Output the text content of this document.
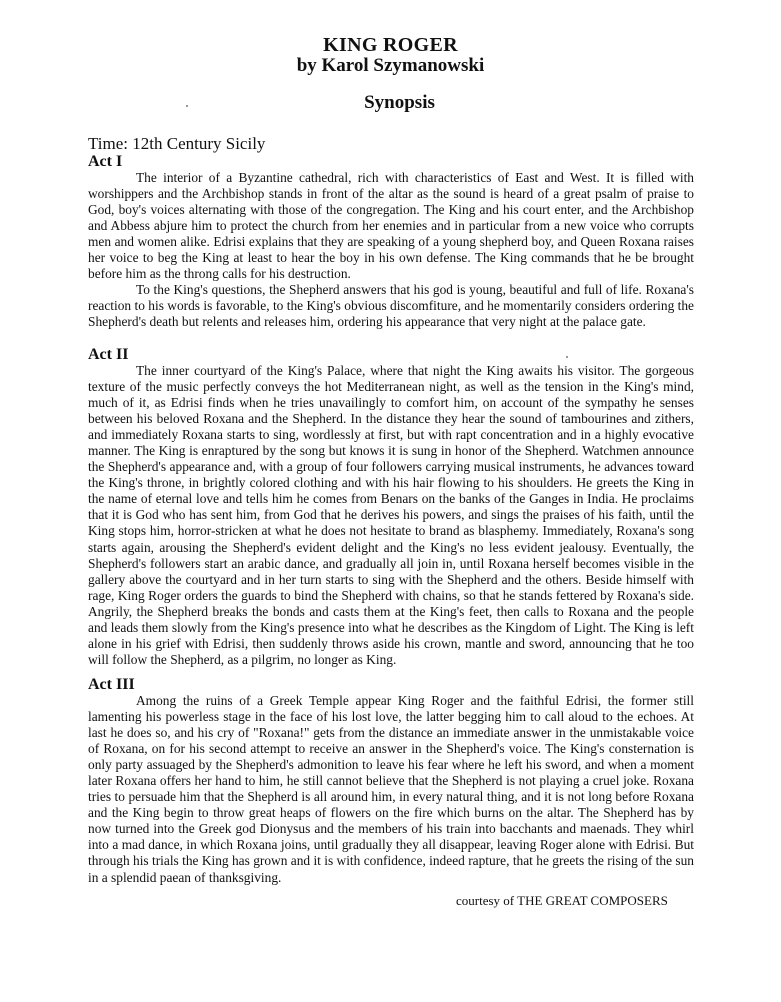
KING ROGER
by Karol Szymanowski
Synopsis
Time: 12th Century Sicily
Act I

The interior of a Byzantine cathedral, rich with characteristics of East and West. It is filled with worshippers and the Archbishop stands in front of the altar as the sound is heard of a great psalm of praise to God, boy's voices alternating with those of the congregation. The King and his court enter, and the Archbishop and Abbess abjure him to protect the church from her enemies and in particular from a new voice who corrupts men and women alike. Edrisi explains that they are speaking of a young shepherd boy, and Queen Roxana raises her voice to beg the King at least to hear the boy in his own defense. The King commands that he be brought before him as the throng calls for his destruction.

To the King's questions, the Shepherd answers that his god is young, beautiful and full of life. Roxana's reaction to his words is favorable, to the King's obvious discomfiture, and he momentarily considers ordering the Shepherd's death but relents and releases him, ordering his appearance that very night at the palace gate.

Act II

The inner courtyard of the King's Palace, where that night the King awaits his visitor. The gorgeous texture of the music perfectly conveys the hot Mediterranean night, as well as the tension in the King's mind, much of it, as Edrisi finds when he tries unavailingly to comfort him, on account of the sympathy he senses between his beloved Roxana and the Shepherd. In the distance they hear the sound of tambourines and zithers, and immediately Roxana starts to sing, wordlessly at first, but with rapt concentration and in a highly evocative manner. The King is enraptured by the song but knows it is sung in honor of the Shepherd. Watchmen announce the Shepherd's appearance and, with a group of four followers carrying musical instruments, he advances toward the King's throne, in brightly colored clothing and with his hair flowing to his shoulders. He greets the King in the name of eternal love and tells him he comes from Benars on the banks of the Ganges in India. He proclaims that it is God who has sent him, from God that he derives his powers, and sings the praises of his faith, until the King stops him, horror-stricken at what he does not hesitate to brand as blasphemy. Immediately, Roxana's song starts again, arousing the Shepherd's evident delight and the King's no less evident jealousy. Eventually, the Shepherd's followers start an arabic dance, and gradually all join in, until Roxana herself becomes visible in the gallery above the courtyard and in her turn starts to sing with the Shepherd and the others. Beside himself with rage, King Roger orders the guards to bind the Shepherd with chains, so that he stands fettered by Roxana's side. Angrily, the Shepherd breaks the bonds and casts them at the King's feet, then calls to Roxana and the people and leads them slowly from the King's presence into what he describes as the Kingdom of Light. The King is left alone in his grief with Edrisi, then suddenly throws aside his crown, mantle and sword, announcing that he too will follow the Shepherd, as a pilgrim, no longer as King.

Act III

Among the ruins of a Greek Temple appear King Roger and the faithful Edrisi, the former still lamenting his powerless stage in the face of his lost love, the latter begging him to call aloud to the echoes. At last he does so, and his cry of "Roxana!" gets from the distance an immediate answer in the unmistakable voice of Roxana, on for his second attempt to receive an answer in the Shepherd's voice. The King's consternation is only party assuaged by the Shepherd's admonition to leave his fear where he left his sword, and when a moment later Roxana offers her hand to him, he still cannot believe that the Shepherd is not playing a cruel joke. Roxana tries to persuade him that the Shepherd is all around him, in every natural thing, and it is not long before Roxana and the King begin to throw great heaps of flowers on the fire which burns on the altar. The Shepherd has by now turned into the Greek god Dionysus and the members of his train into bacchants and maenads. They whirl into a mad dance, in which Roxana joins, until gradually they all disappear, leaving Roger alone with Edrisi. But through his trials the King has grown and it is with confidence, indeed rapture, that he greets the rising of the sun in a splendid paean of thanksgiving.

courtesy of THE GREAT COMPOSERS
